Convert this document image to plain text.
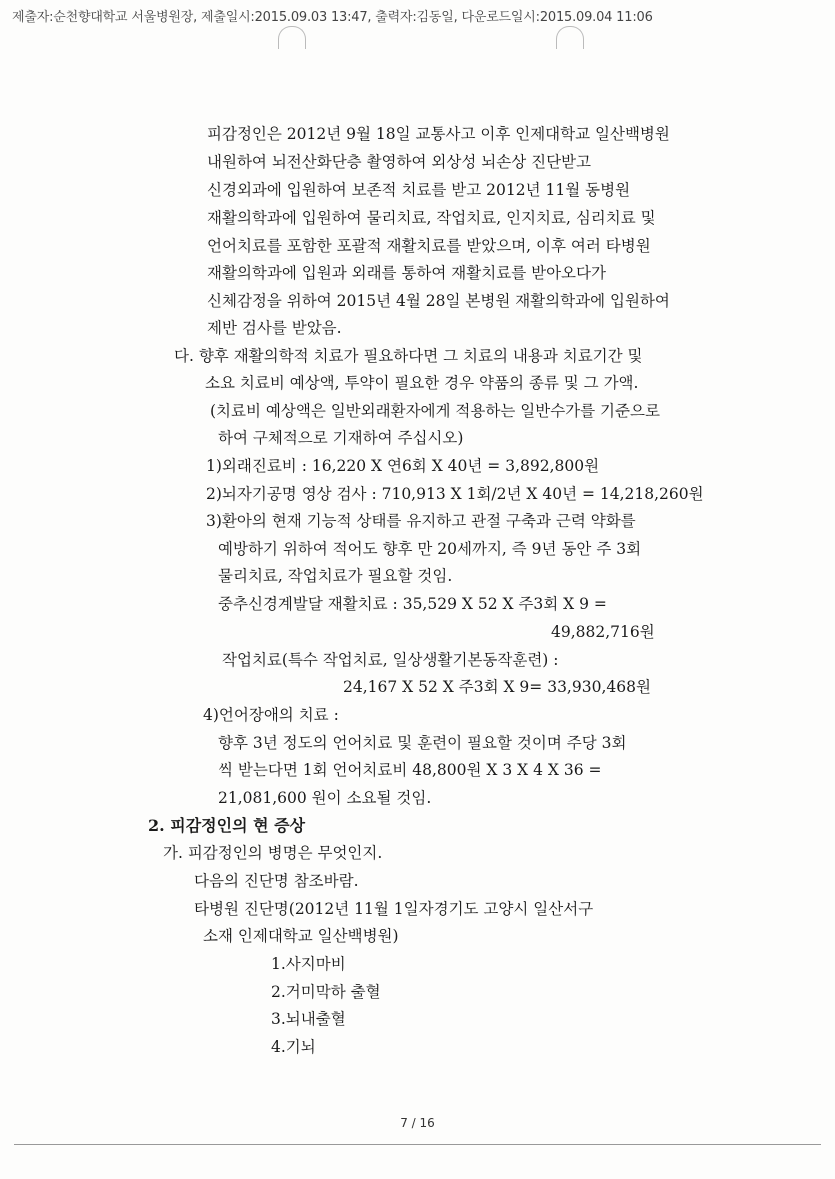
제출자:순천향대학교 서울병원장, 제출일시:2015.09.03 13:47, 출력자:김동일, 다운로드일시:2015.09.04 11:06
피감정인은 2012년 9월 18일 교통사고 이후 인제대학교 일산백병원
내원하여 뇌전산화단층 촬영하여 외상성 뇌손상 진단받고
신경외과에 입원하여 보존적 치료를 받고 2012년 11월 동병원
재활의학과에 입원하여 물리치료, 작업치료, 인지치료, 심리치료 및
언어치료를 포함한 포괄적 재활치료를 받았으며, 이후 여러 타병원
재활의학과에 입원과 외래를 통하여 재활치료를 받아오다가
신체감정을 위하여 2015년 4월 28일 본병원 재활의학과에 입원하여
제반 검사를 받았음.
다. 향후 재활의학적 치료가 필요하다면 그 치료의 내용과 치료기간 및
소요 치료비 예상액, 투약이 필요한 경우 약품의 종류 및 그 가액.
(치료비 예상액은 일반외래환자에게 적용하는 일반수가를 기준으로
하여 구체적으로 기재하여 주십시오)
1)외래진료비 : 16,220 X 연6회 X 40년 = 3,892,800원
2)뇌자기공명 영상 검사 : 710,913 X 1회/2년 X 40년 = 14,218,260원
3)환아의 현재 기능적 상태를 유지하고 관절 구축과 근력 약화를
예방하기 위하여 적어도 향후 만 20세까지, 즉 9년 동안 주 3회
물리치료, 작업치료가 필요할 것임.
중추신경계발달 재활치료 : 35,529 X 52 X 주3회 X 9 =
49,882,716원
작업치료(특수 작업치료, 일상생활기본동작훈련) :
24,167 X 52 X 주3회 X 9= 33,930,468원
4)언어장애의 치료 :
향후 3년 정도의 언어치료 및 훈련이 필요할 것이며 주당 3회
씩 받는다면 1회 언어치료비 48,800원 X 3 X 4 X 36 =
21,081,600 원이 소요될 것임.
2. 피감정인의 현 증상
가. 피감정인의 병명은 무엇인지.
다음의 진단명 참조바람.
타병원 진단명(2012년 11월 1일자경기도 고양시 일산서구
소재 인제대학교 일산백병원)
1.사지마비
2.거미막하 출혈
3.뇌내출혈
4.기뇌
7 / 16
